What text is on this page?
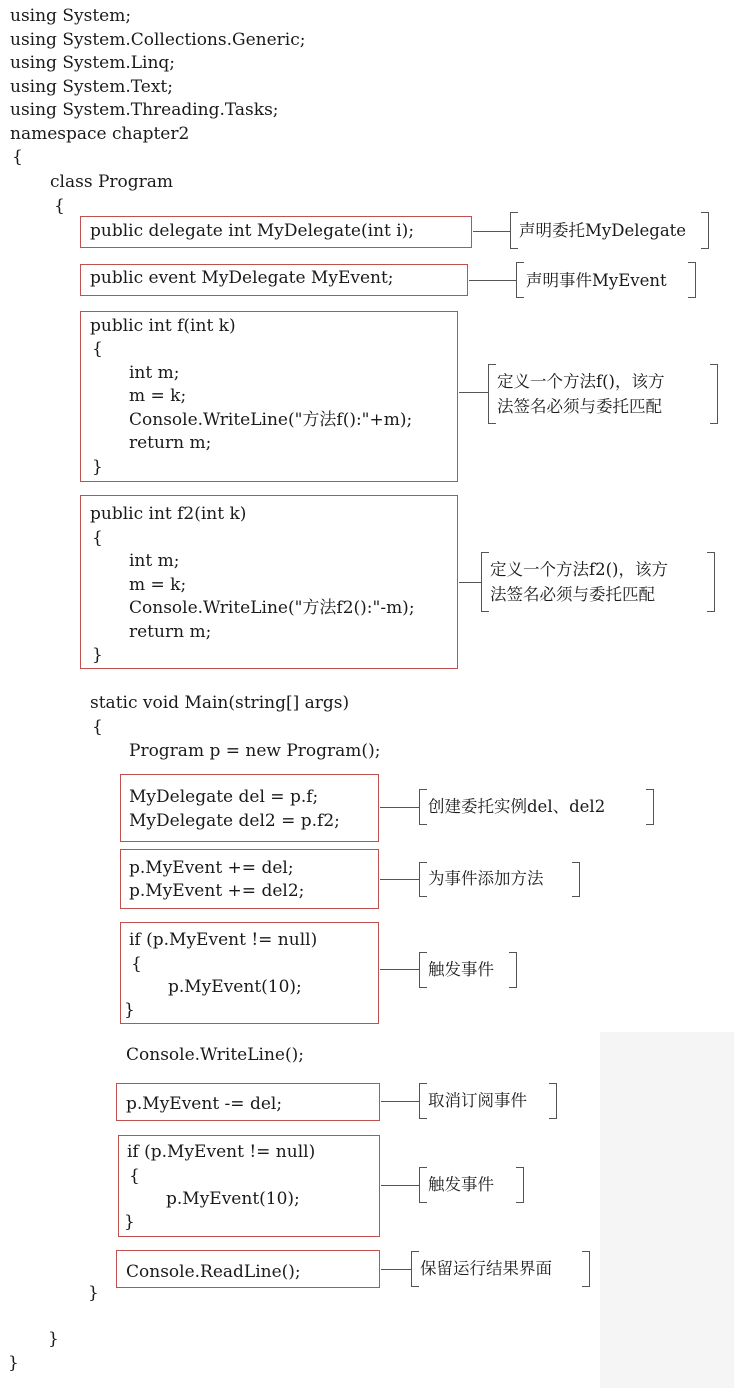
using System;
using System.Collections.Generic;
using System.Linq;
using System.Text;
using System.Threading.Tasks;
namespace chapter2
{
class Program
{
public delegate int MyDelegate(int i);	声明委托MyDelegate
public event MyDelegate MyEvent;	声明事件MyEvent
public int f(int k)
{
int m;
m = k;
Console.WriteLine("方法f():"+m);
return m;
}
定义一个方法f()，该方
法签名必须与委托匹配
public int f2(int k)
{
int m;
m = k;
Console.WriteLine("方法f2():"-m);
return m;
}
定义一个方法f2()，该方
法签名必须与委托匹配
static void Main(string[] args)
{
Program p = new Program();
MyDelegate del = p.f;
MyDelegate del2 = p.f2;
创建委托实例del、del2
p.MyEvent += del;
p.MyEvent += del2;
为事件添加方法
if (p.MyEvent != null)
{
p.MyEvent(10);
}
触发事件
Console.WriteLine();
p.MyEvent -= del;	取消订阅事件
if (p.MyEvent != null)
{
p.MyEvent(10);
}
触发事件
Console.ReadLine();	保留运行结果界面
}
}
}
